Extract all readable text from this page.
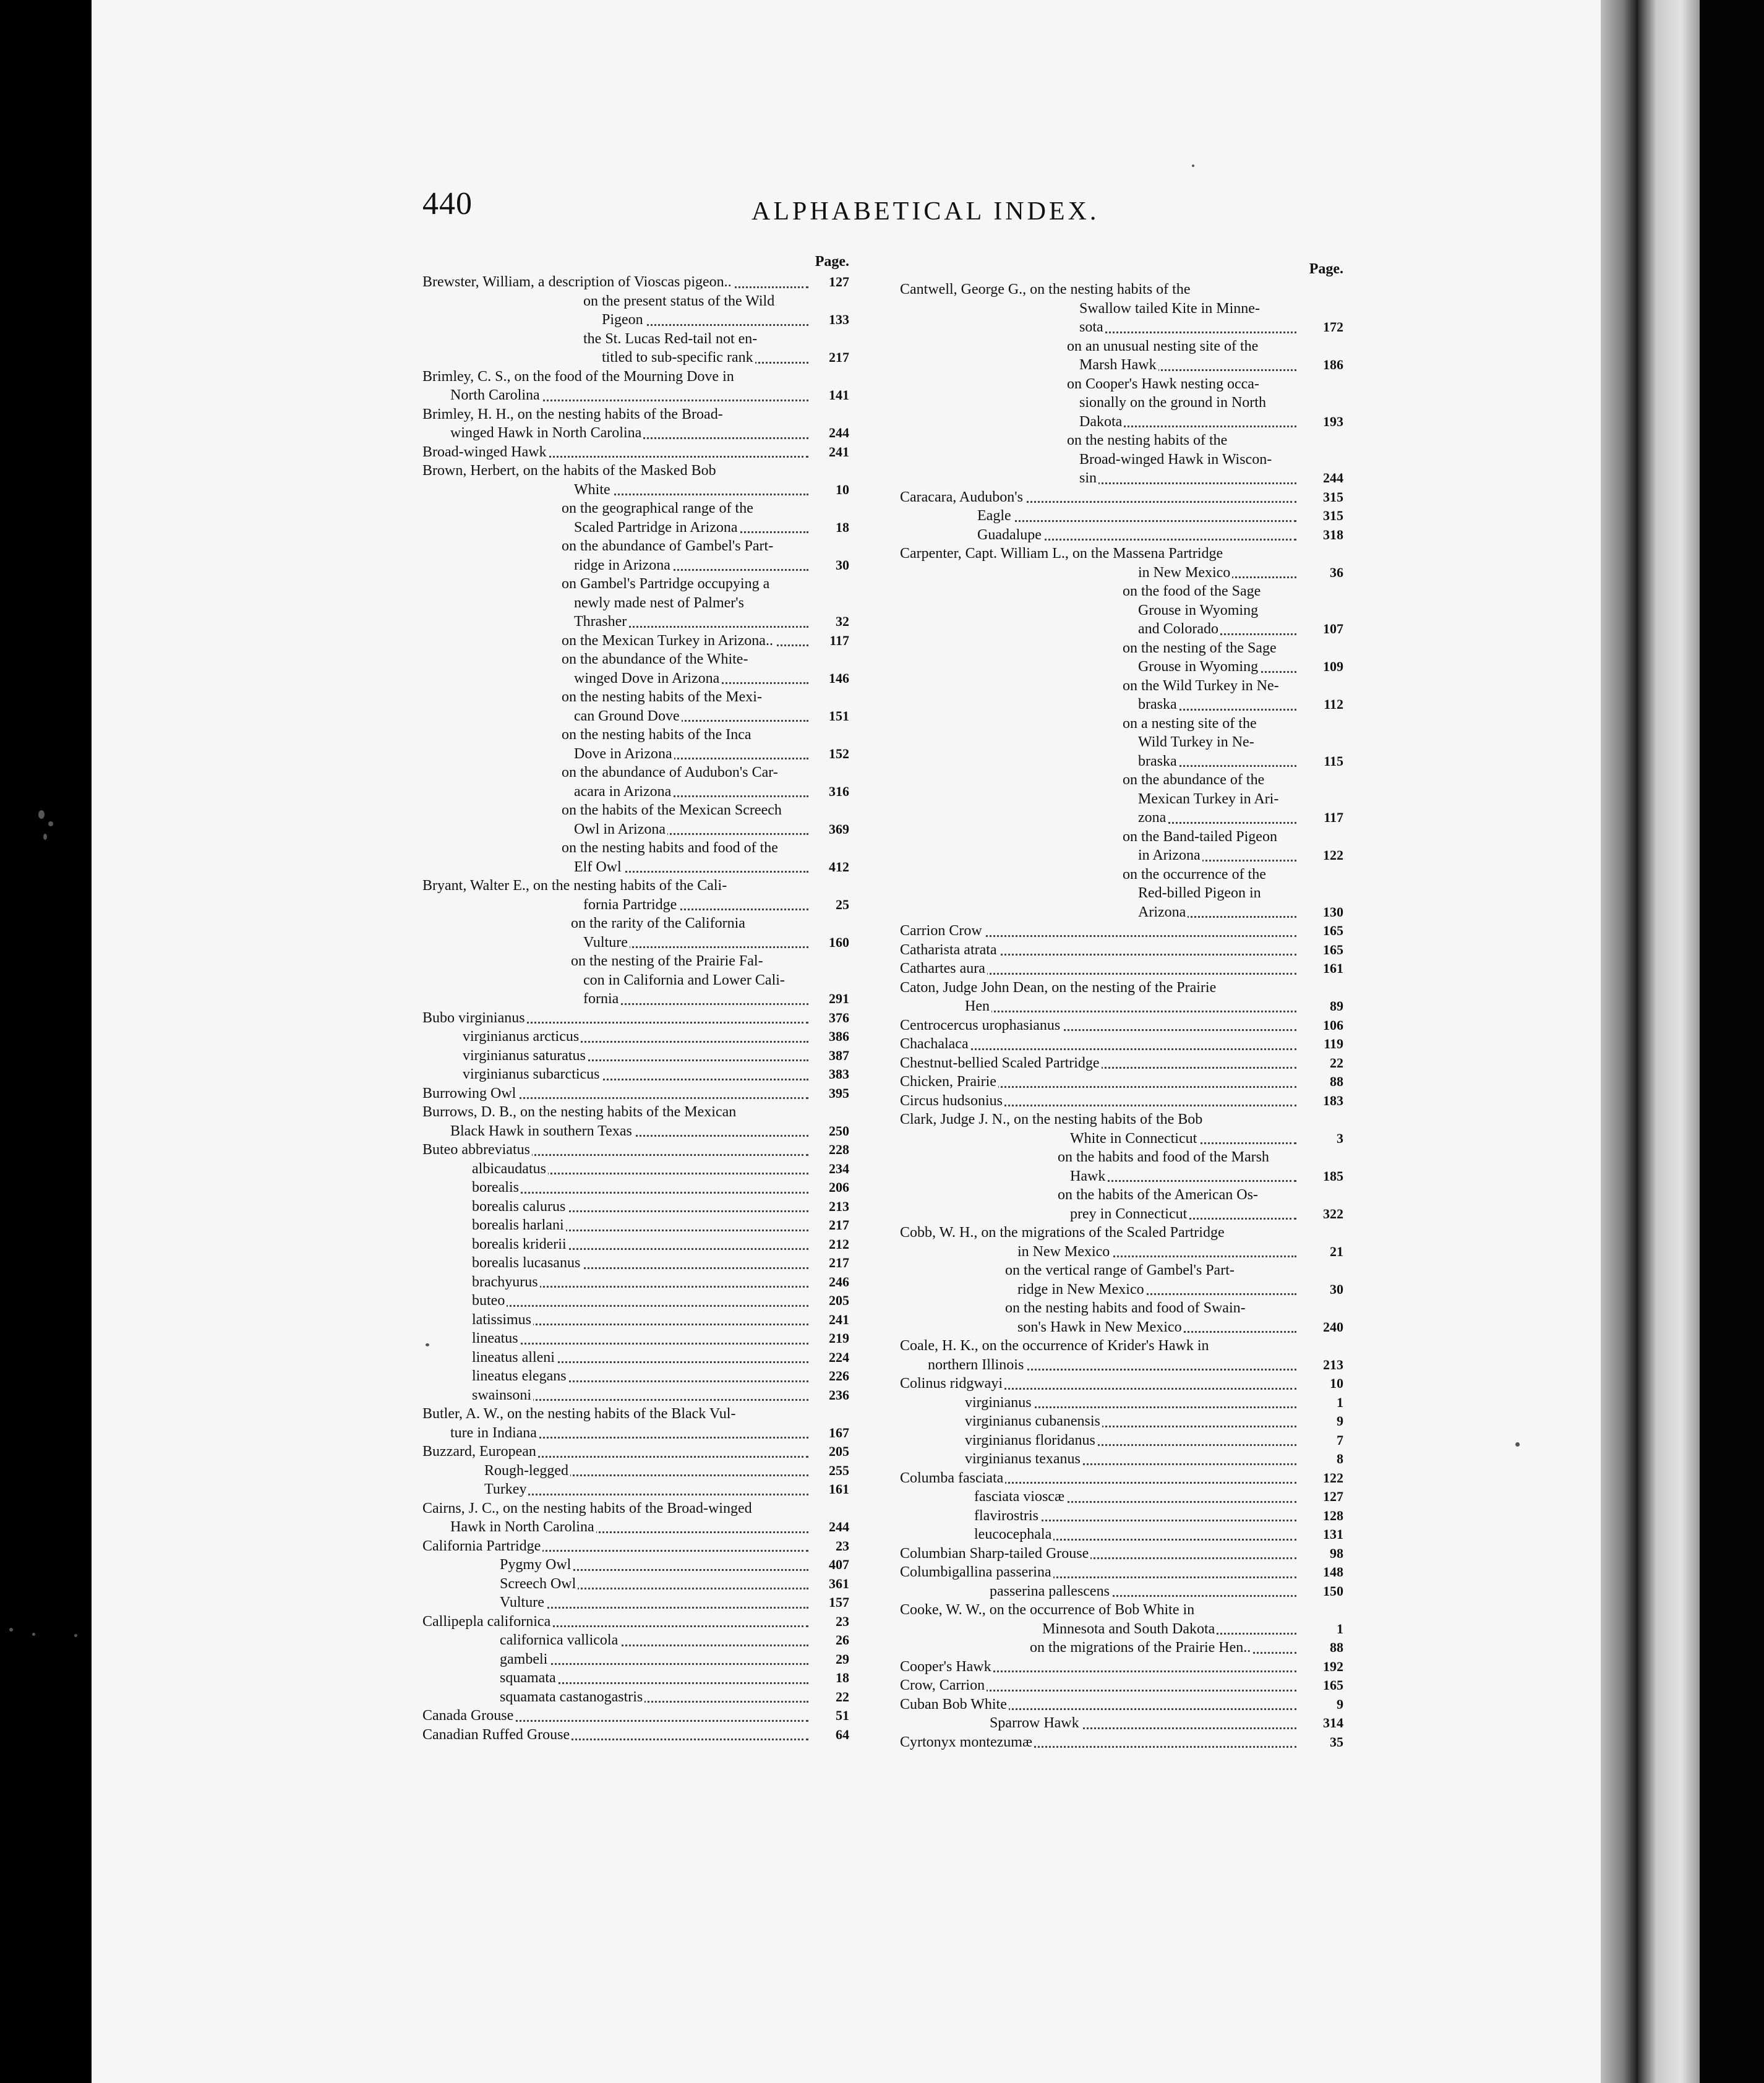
440	ALPHABETICAL INDEX.
Page.
Brewster, William, a description of Vioscas pigeon..	127
on the present status of the Wild
Pigeon	133
the St. Lucas Red-tail not en-
titled to sub-specific rank	217
Brimley, C. S., on the food of the Mourning Dove in
North Carolina	141
Brimley, H. H., on the nesting habits of the Broad-
winged Hawk in North Carolina	244
Broad-winged Hawk	241
Brown, Herbert, on the habits of the Masked Bob
White	10
on the geographical range of the
Scaled Partridge in Arizona	18
on the abundance of Gambel's Part-
ridge in Arizona	30
on Gambel's Partridge occupying a
newly made nest of Palmer's
Thrasher	32
on the Mexican Turkey in Arizona..	117
on the abundance of the White-
winged Dove in Arizona	146
on the nesting habits of the Mexi-
can Ground Dove	151
on the nesting habits of the Inca
Dove in Arizona	152
on the abundance of Audubon's Car-
acara in Arizona	316
on the habits of the Mexican Screech
Owl in Arizona	369
on the nesting habits and food of the
Elf Owl	412
Bryant, Walter E., on the nesting habits of the Cali-
fornia Partridge	25
on the rarity of the California
Vulture	160
on the nesting of the Prairie Fal-
con in California and Lower Cali-
fornia	291
Bubo virginianus	376
virginianus arcticus	386
virginianus saturatus	387
virginianus subarcticus	383
Burrowing Owl	395
Burrows, D. B., on the nesting habits of the Mexican
Black Hawk in southern Texas	250
Buteo abbreviatus	228
albicaudatus	234
borealis	206
borealis calurus	213
borealis harlani	217
borealis kriderii	212
borealis lucasanus	217
brachyurus	246
buteo	205
latissimus	241
lineatus	219
lineatus alleni	224
lineatus elegans	226
swainsoni	236
Butler, A. W., on the nesting habits of the Black Vul-
ture in Indiana	167
Buzzard, European	205
Rough-legged	255
Turkey	161
Cairns, J. C., on the nesting habits of the Broad-winged
Hawk in North Carolina	244
California Partridge	23
Pygmy Owl	407
Screech Owl	361
Vulture	157
Callipepla californica	23
californica vallicola	26
gambeli	29
squamata	18
squamata castanogastris	22
Canada Grouse	51
Canadian Ruffed Grouse	64
Page.
Cantwell, George G., on the nesting habits of the
Swallow tailed Kite in Minne-
sota	172
on an unusual nesting site of the
Marsh Hawk	186
on Cooper's Hawk nesting occa-
sionally on the ground in North
Dakota	193
on the nesting habits of the
Broad-winged Hawk in Wiscon-
sin	244
Caracara, Audubon's	315
Eagle	315
Guadalupe	318
Carpenter, Capt. William L., on the Massena Partridge
in New Mexico	36
on the food of the Sage
Grouse in Wyoming
and Colorado	107
on the nesting of the Sage
Grouse in Wyoming	109
on the Wild Turkey in Ne-
braska	112
on a nesting site of the
Wild Turkey in Ne-
braska	115
on the abundance of the
Mexican Turkey in Ari-
zona	117
on the Band-tailed Pigeon
in Arizona	122
on the occurrence of the
Red-billed Pigeon in
Arizona	130
Carrion Crow	165
Catharista atrata	165
Cathartes aura	161
Caton, Judge John Dean, on the nesting of the Prairie
Hen	89
Centrocercus urophasianus	106
Chachalaca	119
Chestnut-bellied Scaled Partridge	22
Chicken, Prairie	88
Circus hudsonius	183
Clark, Judge J. N., on the nesting habits of the Bob
White in Connecticut	3
on the habits and food of the Marsh
Hawk	185
on the habits of the American Os-
prey in Connecticut	322
Cobb, W. H., on the migrations of the Scaled Partridge
in New Mexico	21
on the vertical range of Gambel's Part-
ridge in New Mexico	30
on the nesting habits and food of Swain-
son's Hawk in New Mexico	240
Coale, H. K., on the occurrence of Krider's Hawk in
northern Illinois	213
Colinus ridgwayi	10
virginianus	1
virginianus cubanensis	9
virginianus floridanus	7
virginianus texanus	8
Columba fasciata	122
fasciata vioscæ	127
flavirostris	128
leucocephala	131
Columbian Sharp-tailed Grouse	98
Columbigallina passerina	148
passerina pallescens	150
Cooke, W. W., on the occurrence of Bob White in
Minnesota and South Dakota	1
on the migrations of the Prairie Hen..	88
Cooper's Hawk	192
Crow, Carrion	165
Cuban Bob White	9
Sparrow Hawk	314
Cyrtonyx montezumæ	35
